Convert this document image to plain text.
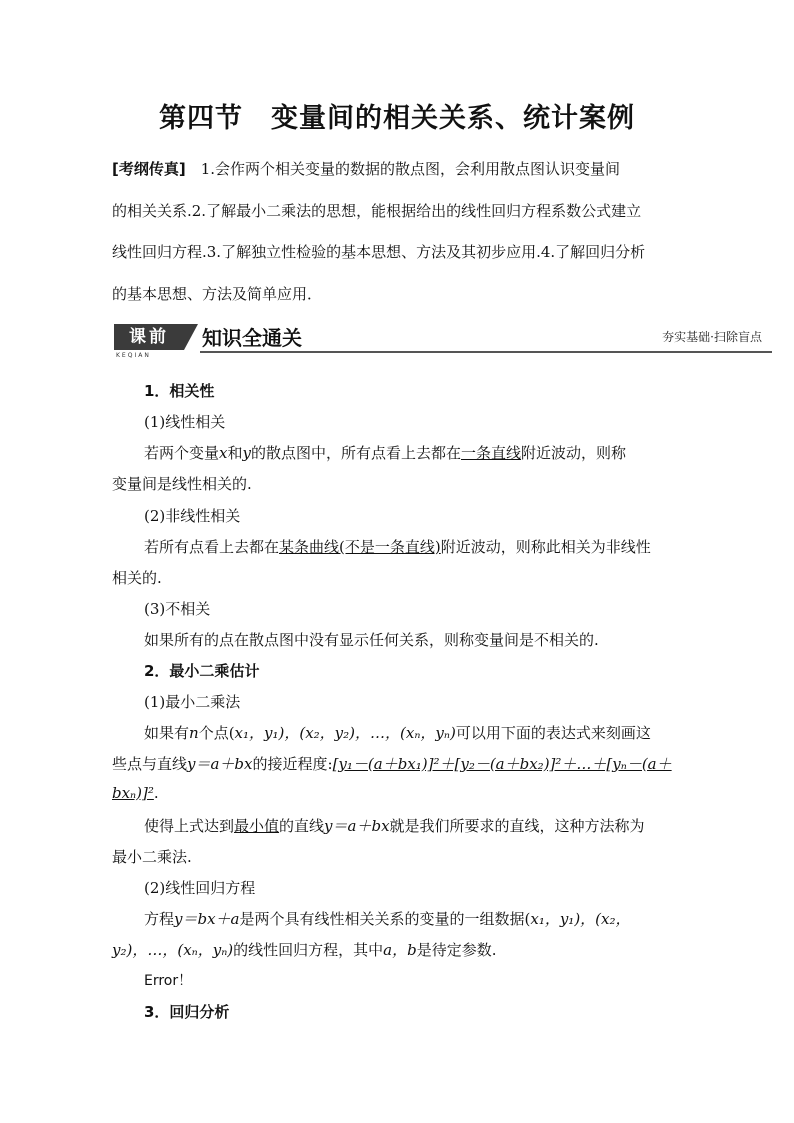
第四节　变量间的相关关系、统计案例
[考纲传真]　 1.会作两个相关变量的数据的散点图，会利用散点图认识变量间
的相关关系.2.了解最小二乘法的思想，能根据给出的线性回归方程系数公式建立
线性回归方程.3.了解独立性检验的基本思想、方法及其初步应用.4.了解回归分析
的基本思想、方法及简单应用．
课前
KEQIAN
知识全通关	夯实基础·扫除盲点
1．相关性
(1)线性相关
若两个变量x和y的散点图中，所有点看上去都在一条直线附近波动，则称
变量间是线性相关的.
(2)非线性相关
若所有点看上去都在某条曲线(不是一条直线)附近波动，则称此相关为非线性
相关的.
(3)不相关
如果所有的点在散点图中没有显示任何关系，则称变量间是不相关的.
2．最小二乘估计
(1)最小二乘法
如果有n个点(x₁，y₁)，(x₂，y₂)，…，(xₙ，yₙ)可以用下面的表达式来刻画这
些点与直线y＝a＋bx的接近程度:[y₁－(a＋bx₁)]²＋[y₂－(a＋bx₂)]²＋…＋[yₙ－(a＋
bxₙ)]².
使得上式达到最小值的直线y＝a＋bx就是我们所要求的直线，这种方法称为
最小二乘法.
(2)线性回归方程
方程y＝bx＋a是两个具有线性相关关系的变量的一组数据(x₁，y₁)，(x₂，
y₂)，…，(xₙ，yₙ)的线性回归方程，其中a，b是待定参数.
Error！
3．回归分析
